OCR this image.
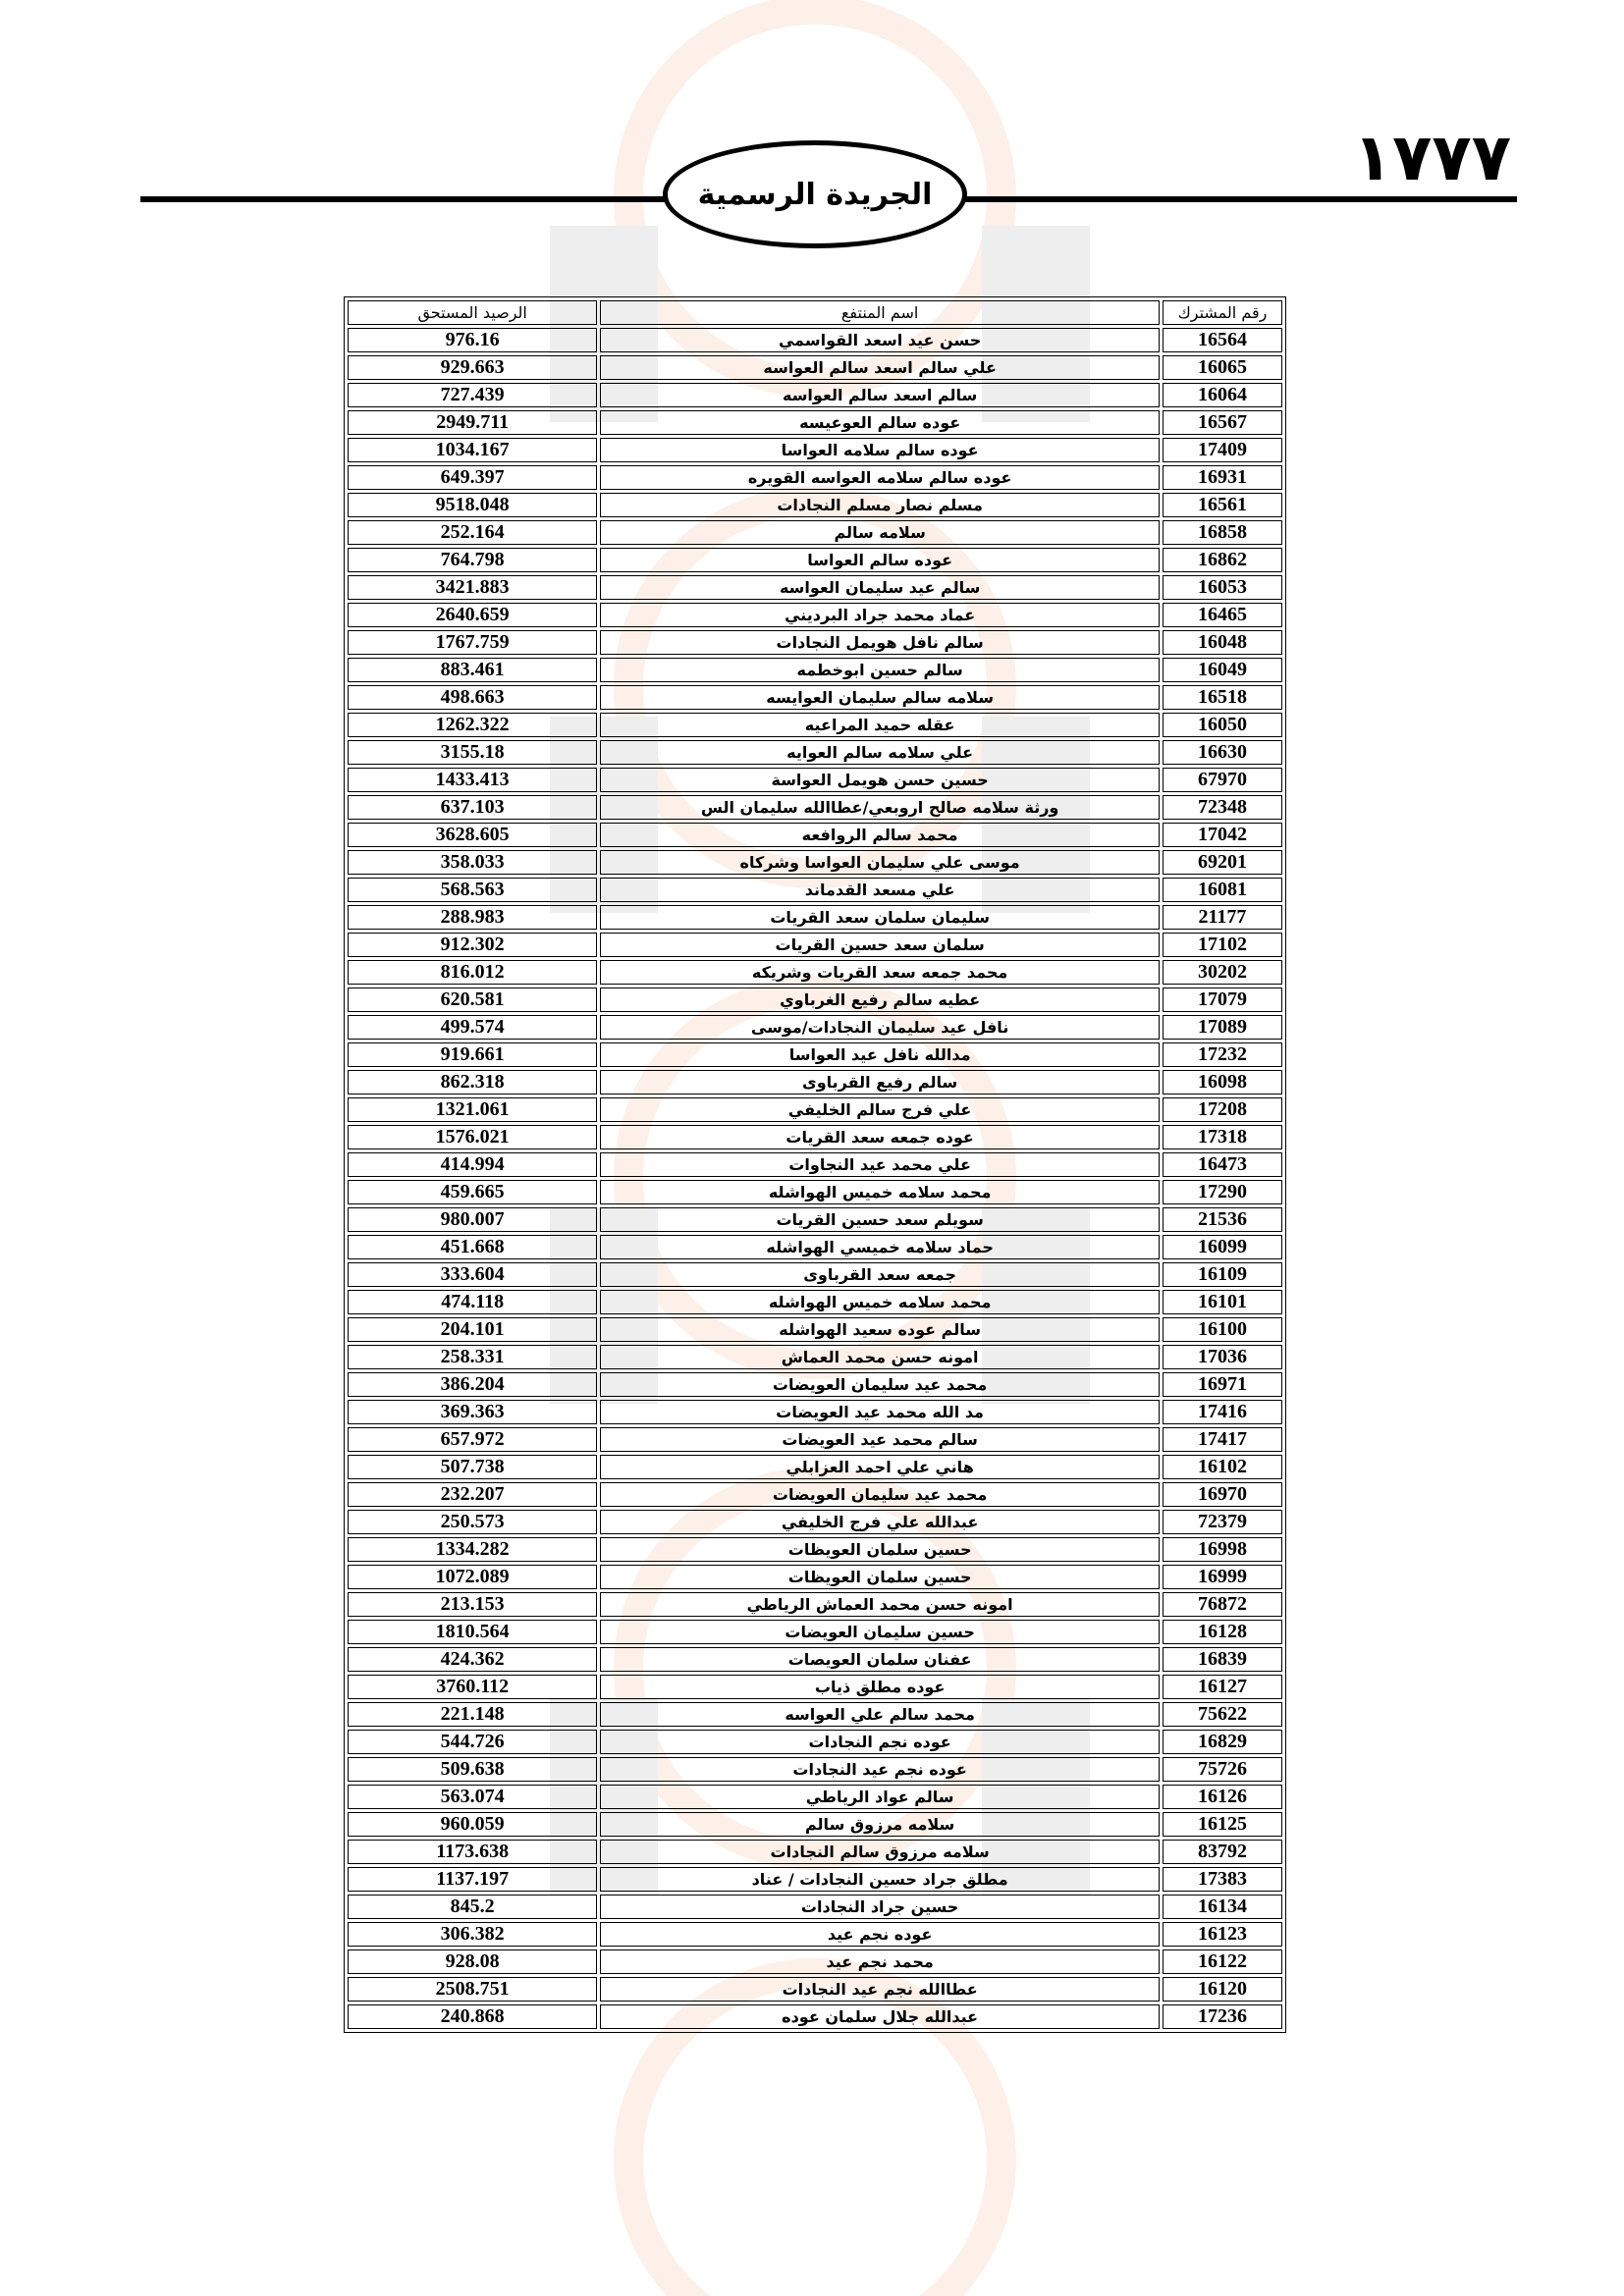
١٧٧٧
الجريدة الرسمية
رقم المشترك	اسم المنتفع	الرصيد المستحق
16564	حسن عيد اسعد القواسمي	976.16
16065	علي سالم اسعد سالم العواسه	929.663
16064	سالم اسعد سالم العواسه	727.439
16567	عوده سالم العوعيسه	2949.711
17409	عوده سالم سلامه العواسا	1034.167
16931	عوده سالم سلامه العواسه القويره	649.397
16561	مسلم نصار مسلم النجادات	9518.048
16858	سلامه سالم	252.164
16862	عوده سالم العواسا	764.798
16053	سالم عيد سليمان العواسه	3421.883
16465	عماد محمد جراد البرديني	2640.659
16048	سالم نافل هويمل النجادات	1767.759
16049	سالم حسين ابوخطمه	883.461
16518	سلامه سالم سليمان العوايسه	498.663
16050	عقله حميد المراعيه	1262.322
16630	علي سلامه سالم العوايه	3155.18
67970	حسين حسن هويمل العواسة	1433.413
72348	ورثة سلامه صالح اروبعي/عطاالله سليمان الس	637.103
17042	محمد سالم الروافعه	3628.605
69201	موسى علي سليمان العواسا وشركاه	358.033
16081	علي مسعد القدماند	568.563
21177	سليمان سلمان سعد القريات	288.983
17102	سلمان سعد حسين القريات	912.302
30202	محمد جمعه سعد القريات وشريكه	816.012
17079	عطيه سالم رفيع الغرباوي	620.581
17089	نافل عيد سليمان النجادات/موسى	499.574
17232	مدالله نافل عيد العواسا	919.661
16098	سالم رفيع القرباوى	862.318
17208	علي فرج سالم الخليفي	1321.061
17318	عوده جمعه سعد القريات	1576.021
16473	علي محمد عيد النجاوات	414.994
17290	محمد سلامه خميس الهواشله	459.665
21536	سويلم سعد حسين القريات	980.007
16099	حماد سلامه خميسي الهواشله	451.668
16109	جمعه سعد القرباوى	333.604
16101	محمد سلامه خميس الهواشله	474.118
16100	سالم عوده سعيد الهواشله	204.101
17036	امونه حسن محمد العماش	258.331
16971	محمد عيد سليمان العويضات	386.204
17416	مد الله محمد عيد العويضات	369.363
17417	سالم محمد عيد العويضات	657.972
16102	هاني علي احمد العزابلي	507.738
16970	محمد عيد سليمان العويضات	232.207
72379	عبدالله علي فرج الخليفي	250.573
16998	حسين سلمان العويظات	1334.282
16999	حسين سلمان العويظات	1072.089
76872	امونه حسن محمد العماش الرياطي	213.153
16128	حسين سليمان العويضات	1810.564
16839	عفنان سلمان العويصات	424.362
16127	عوده مطلق ذياب	3760.112
75622	محمد سالم علي العواسه	221.148
16829	عوده نجم النجادات	544.726
75726	عوده نجم عيد النجادات	509.638
16126	سالم عواد الرياطي	563.074
16125	سلامه مرزوق سالم	960.059
83792	سلامه مرزوق سالم النجادات	1173.638
17383	مطلق جراد حسين النجادات / عناد	1137.197
16134	حسين جراد النجادات	845.2
16123	عوده نجم عيد	306.382
16122	محمد نجم عيد	928.08
16120	عطاالله نجم عيد النجادات	2508.751
17236	عبدالله جلال سلمان عوده	240.868
